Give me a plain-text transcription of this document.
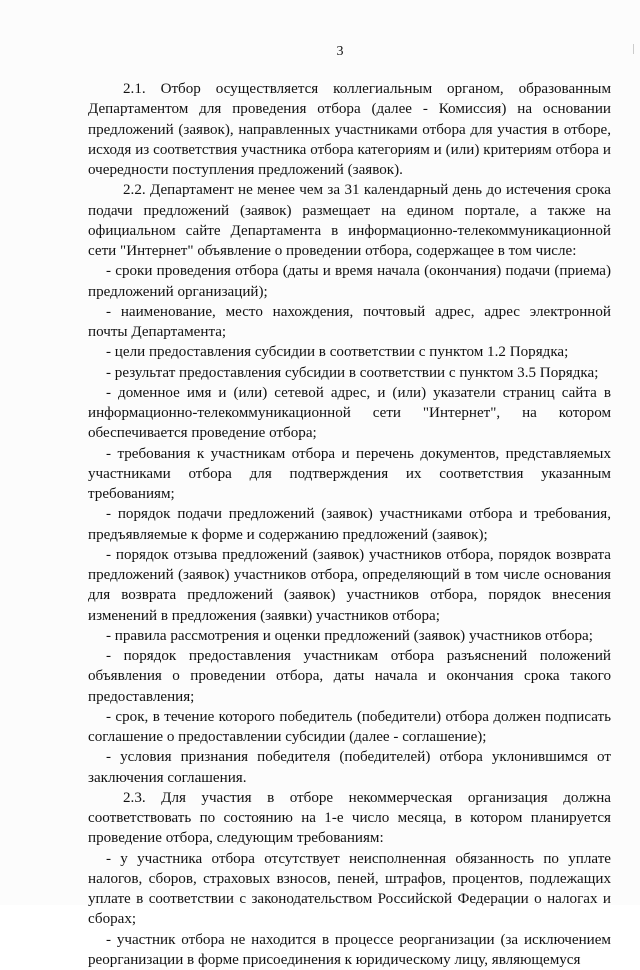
3

2.1. Отбор осуществляется коллегиальным органом, образованным Департаментом для проведения отбора (далее - Комиссия) на основании предложений (заявок), направленных участниками отбора для участия в отборе, исходя из соответствия участника отбора категориям и (или) критериям отбора и очередности поступления предложений (заявок).

2.2. Департамент не менее чем за 31 календарный день до истечения срока подачи предложений (заявок) размещает на едином портале, а также на официальном сайте Департамента в информационно-телекоммуникационной сети "Интернет" объявление о проведении отбора, содержащее в том числе:

- сроки проведения отбора (даты и время начала (окончания) подачи (приема) предложений организаций);

- наименование, место нахождения, почтовый адрес, адрес электронной почты Департамента;

- цели предоставления субсидии в соответствии с пунктом 1.2 Порядка;

- результат предоставления субсидии в соответствии с пунктом 3.5 Порядка;

- доменное имя и (или) сетевой адрес, и (или) указатели страниц сайта в информационно-телекоммуникационной сети "Интернет", на котором обеспечивается проведение отбора;

- требования к участникам отбора и перечень документов, представляемых участниками отбора для подтверждения их соответствия указанным требованиям;

- порядок подачи предложений (заявок) участниками отбора и требования, предъявляемые к форме и содержанию предложений (заявок);

- порядок отзыва предложений (заявок) участников отбора, порядок возврата предложений (заявок) участников отбора, определяющий в том числе основания для возврата предложений (заявок) участников отбора, порядок внесения изменений в предложения (заявки) участников отбора;

- правила рассмотрения и оценки предложений (заявок) участников отбора;

- порядок предоставления участникам отбора разъяснений положений объявления о проведении отбора, даты начала и окончания срока такого предоставления;

- срок, в течение которого победитель (победители) отбора должен подписать соглашение о предоставлении субсидии (далее - соглашение);

- условия признания победителя (победителей) отбора уклонившимся от заключения соглашения.

2.3. Для участия в отборе некоммерческая организация должна соответствовать по состоянию на 1-е число месяца, в котором планируется проведение отбора, следующим требованиям:

- у участника отбора отсутствует неисполненная обязанность по уплате налогов, сборов, страховых взносов, пеней, штрафов, процентов, подлежащих уплате в соответствии с законодательством Российской Федерации о налогах и сборах;

- участник отбора не находится в процессе реорганизации (за исключением реорганизации в форме присоединения к юридическому лицу, являющемуся
